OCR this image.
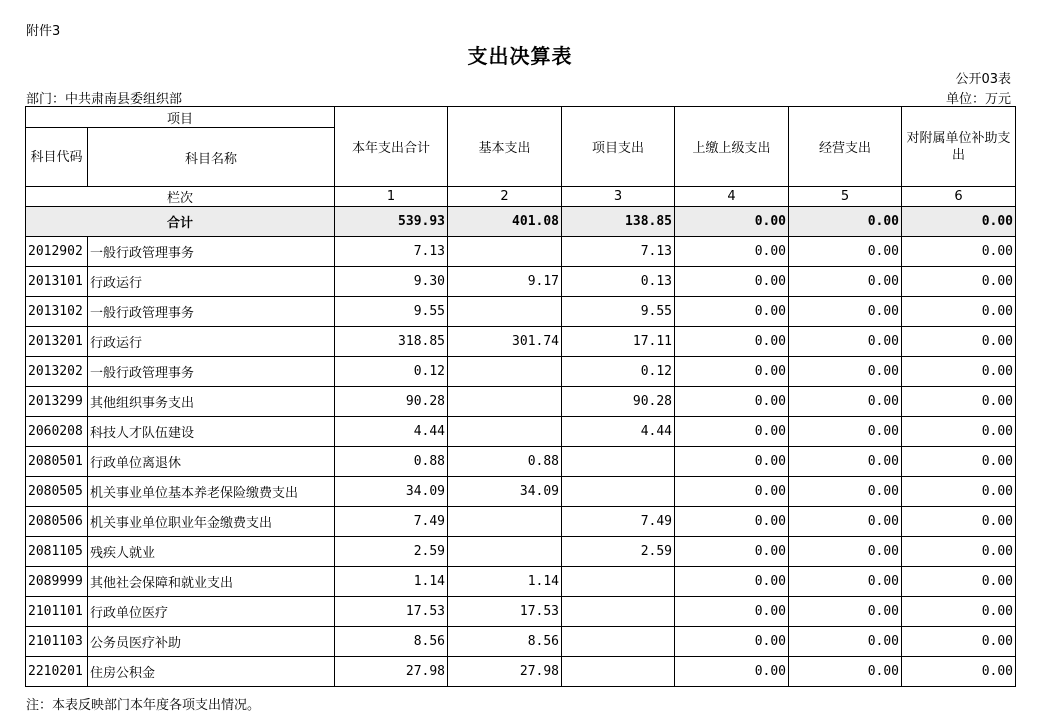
附件3
支出决算表
公开03表
部门：中共肃南县委组织部	单位：万元
项目		本年支出合计	基本支出	项目支出	上缴上级支出	经营支出	对附属单位补助支出
科目代码	科目名称						
栏次		1	2	3	4	5	6
合计		539.93	401.08	138.85	0.00	0.00	0.00
2012902	一般行政管理事务	7.13		7.13	0.00	0.00	0.00
2013101	行政运行	9.30	9.17	0.13	0.00	0.00	0.00
2013102	一般行政管理事务	9.55		9.55	0.00	0.00	0.00
2013201	行政运行	318.85	301.74	17.11	0.00	0.00	0.00
2013202	一般行政管理事务	0.12		0.12	0.00	0.00	0.00
2013299	其他组织事务支出	90.28		90.28	0.00	0.00	0.00
2060208	科技人才队伍建设	4.44		4.44	0.00	0.00	0.00
2080501	行政单位离退休	0.88	0.88		0.00	0.00	0.00
2080505	机关事业单位基本养老保险缴费支出	34.09	34.09		0.00	0.00	0.00
2080506	机关事业单位职业年金缴费支出	7.49		7.49	0.00	0.00	0.00
2081105	残疾人就业	2.59		2.59	0.00	0.00	0.00
2089999	其他社会保障和就业支出	1.14	1.14		0.00	0.00	0.00
2101101	行政单位医疗	17.53	17.53		0.00	0.00	0.00
2101103	公务员医疗补助	8.56	8.56		0.00	0.00	0.00
2210201	住房公积金	27.98	27.98		0.00	0.00	0.00
注：本表反映部门本年度各项支出情况。
